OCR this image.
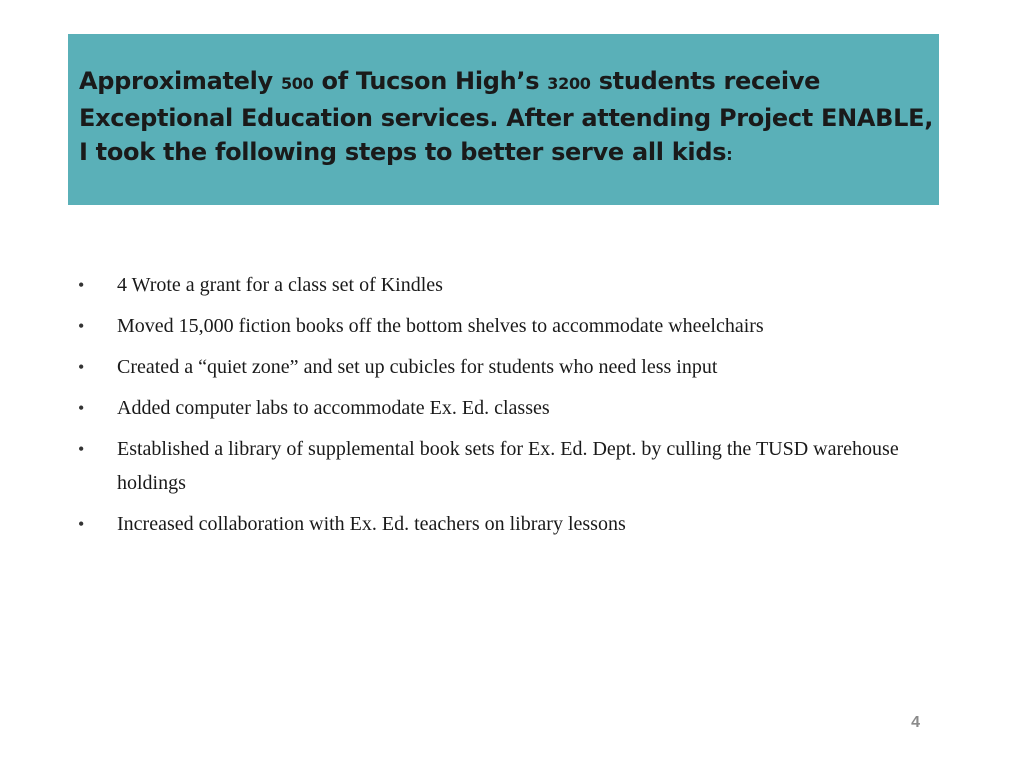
Approximately 500 of Tucson High’s 3200 students receive
Exceptional Education services. After attending Project ENABLE,
I took the following steps to better serve all kids:
• 4 Wrote a grant for a class set of Kindles
• Moved 15,000 fiction books off the bottom shelves to accommodate wheelchairs
• Created a “quiet zone” and set up cubicles for students who need less input
• Added computer labs to accommodate Ex. Ed. classes
• Established a library of supplemental book sets for Ex. Ed. Dept. by culling the TUSD warehouse holdings
• Increased collaboration with Ex. Ed. teachers on library lessons
4
